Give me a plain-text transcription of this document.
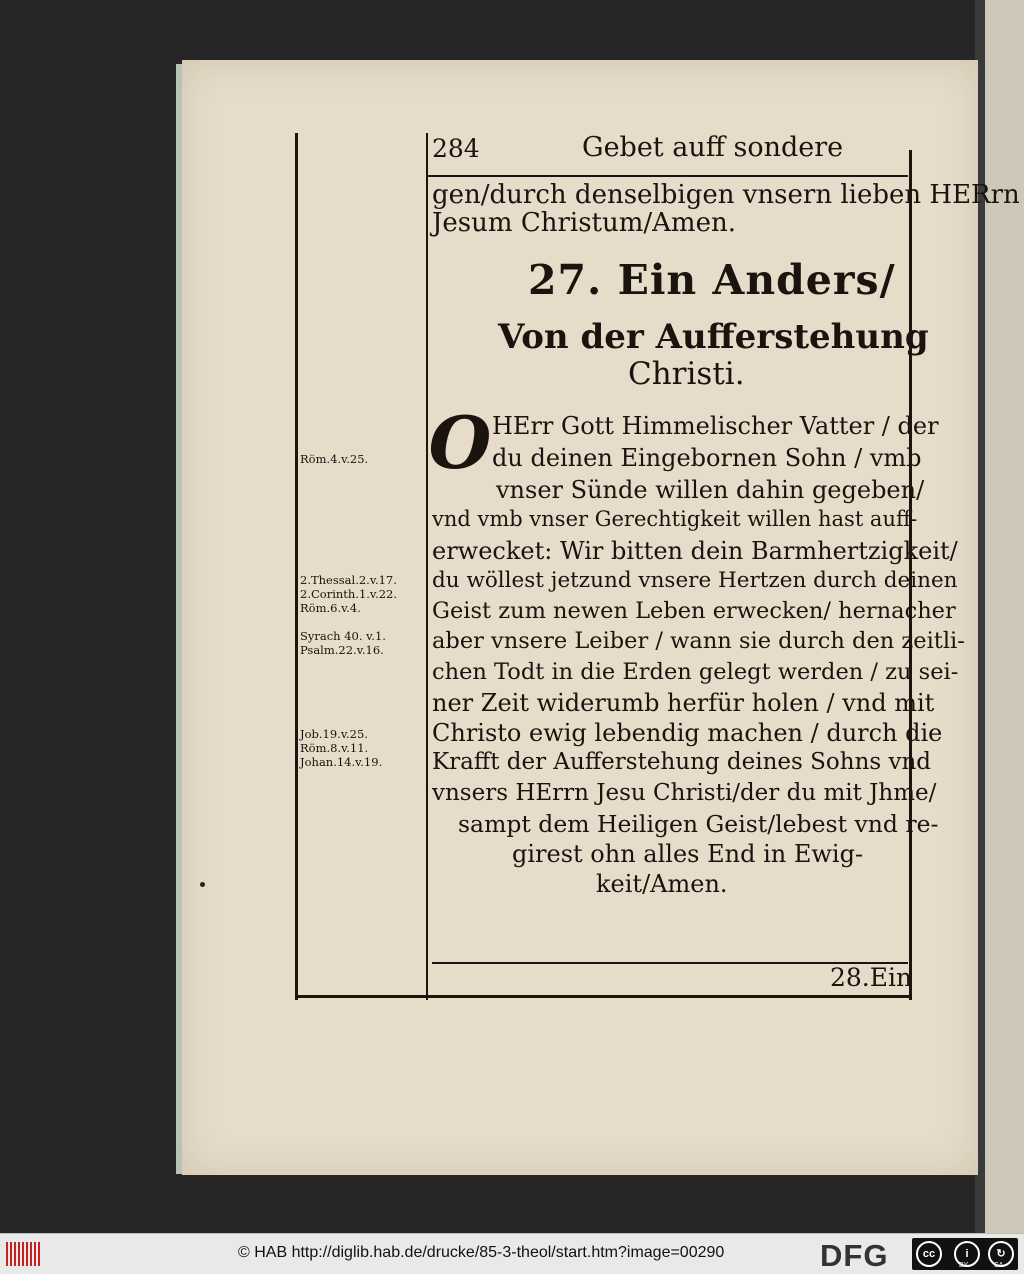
284	Gebet auff sondere
gen/durch denselbigen vnsern lieben HERrn
Jesum Christum/Amen.
27. Ein Anders/
Von der Aufferstehung
Christi.
O HErr Gott Himmelischer Vatter / der
du deinen Eingebornen Sohn / vmb
vnser Sünde willen dahin gegeben/
vnd vmb vnser Gerechtigkeit willen hast auff-
erwecket: Wir bitten dein Barmhertzigkeit/
du wöllest jetzund vnsere Hertzen durch deinen
Geist zum newen Leben erwecken/ hernacher
aber vnsere Leiber / wann sie durch den zeitli-
chen Todt in die Erden gelegt werden / zu sei-
ner Zeit widerumb herfür holen / vnd mit
Christo ewig lebendig machen / durch die
Krafft der Aufferstehung deines Sohns vnd
vnsers HErrn Jesu Christi/der du mit Jhme/
sampt dem Heiligen Geist/lebest vnd re-
girest ohn alles End in Ewig-
keit/Amen.
Röm.4.v.25.
2.Thessal.2.v.17.
2.Corinth.1.v.22.
Röm.6.v.4.
Syrach 40. v.1.
Psalm.22.v.16.
Job.19.v.25.
Röm.8.v.11.
Johan.14.v.19.
28.Ein
© HAB http://diglib.hab.de/drucke/85-3-theol/start.htm?image=00290	DFG	cc	i	↻
BY	SA
